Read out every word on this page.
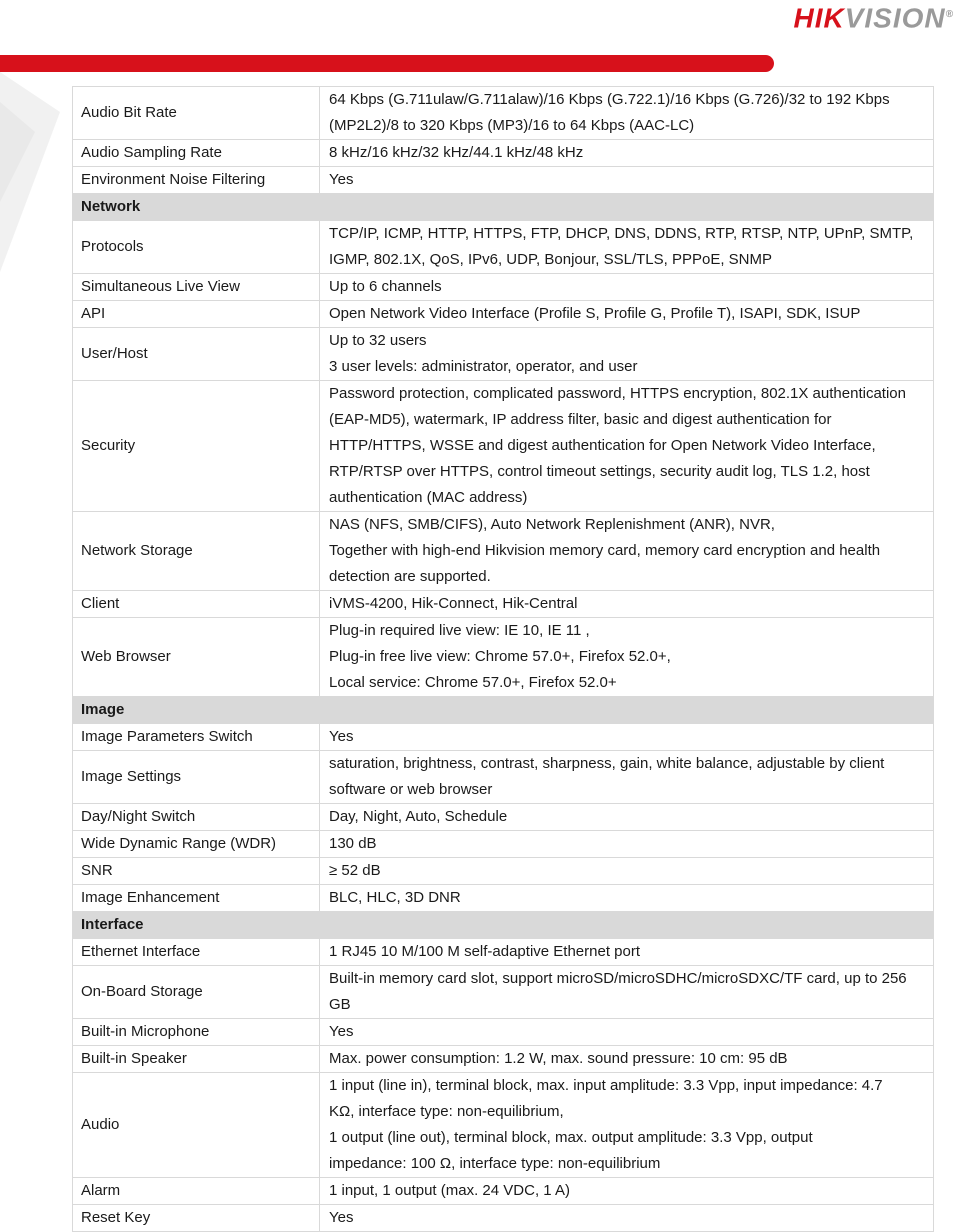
HIKVISION®
Audio Bit Rate	64 Kbps (G.711ulaw/G.711alaw)/16 Kbps (G.722.1)/16 Kbps (G.726)/32 to 192 Kbps
(MP2L2)/8 to 320 Kbps (MP3)/16 to 64 Kbps (AAC-LC)

Audio Sampling Rate	8 kHz/16 kHz/32 kHz/44.1 kHz/48 kHz

Environment Noise Filtering	Yes

Network	
Protocols	TCP/IP, ICMP, HTTP, HTTPS, FTP, DHCP, DNS, DDNS, RTP, RTSP, NTP, UPnP, SMTP,
IGMP, 802.1X, QoS, IPv6, UDP, Bonjour, SSL/TLS, PPPoE, SNMP

Simultaneous Live View	Up to 6 channels

API	Open Network Video Interface (Profile S, Profile G, Profile T), ISAPI, SDK, ISUP

User/Host	Up to 32 users
3 user levels: administrator, operator, and user

Security	Password protection, complicated password, HTTPS encryption, 802.1X authentication
(EAP-MD5), watermark, IP address filter, basic and digest authentication for
HTTP/HTTPS, WSSE and digest authentication for Open Network Video Interface,
RTP/RTSP over HTTPS, control timeout settings, security audit log, TLS 1.2, host
authentication (MAC address)

Network Storage	NAS (NFS, SMB/CIFS), Auto Network Replenishment (ANR), NVR,
Together with high-end Hikvision memory card, memory card encryption and health
detection are supported.

Client	iVMS-4200, Hik-Connect, Hik-Central

Web Browser	Plug-in required live view: IE 10, IE 11 ,
Plug-in free live view: Chrome 57.0+, Firefox 52.0+,
Local service: Chrome 57.0+, Firefox 52.0+

Image	
Image Parameters Switch	Yes

Image Settings	saturation, brightness, contrast, sharpness, gain, white balance, adjustable by client
software or web browser

Day/Night Switch	Day, Night, Auto, Schedule

Wide Dynamic Range (WDR)	130 dB

SNR	≥ 52 dB

Image Enhancement	BLC, HLC, 3D DNR

Interface	
Ethernet Interface	1 RJ45 10 M/100 M self-adaptive Ethernet port

On-Board Storage	Built-in memory card slot, support microSD/microSDHC/microSDXC/TF card, up to 256
GB

Built-in Microphone	Yes

Built-in Speaker	Max. power consumption: 1.2 W, max. sound pressure: 10 cm: 95 dB

Audio	1 input (line in), terminal block, max. input amplitude: 3.3 Vpp, input impedance: 4.7
KΩ, interface type: non-equilibrium,
1 output (line out), terminal block, max. output amplitude: 3.3 Vpp, output
impedance: 100 Ω, interface type: non-equilibrium

Alarm	1 input, 1 output (max. 24 VDC, 1 A)

Reset Key	Yes
